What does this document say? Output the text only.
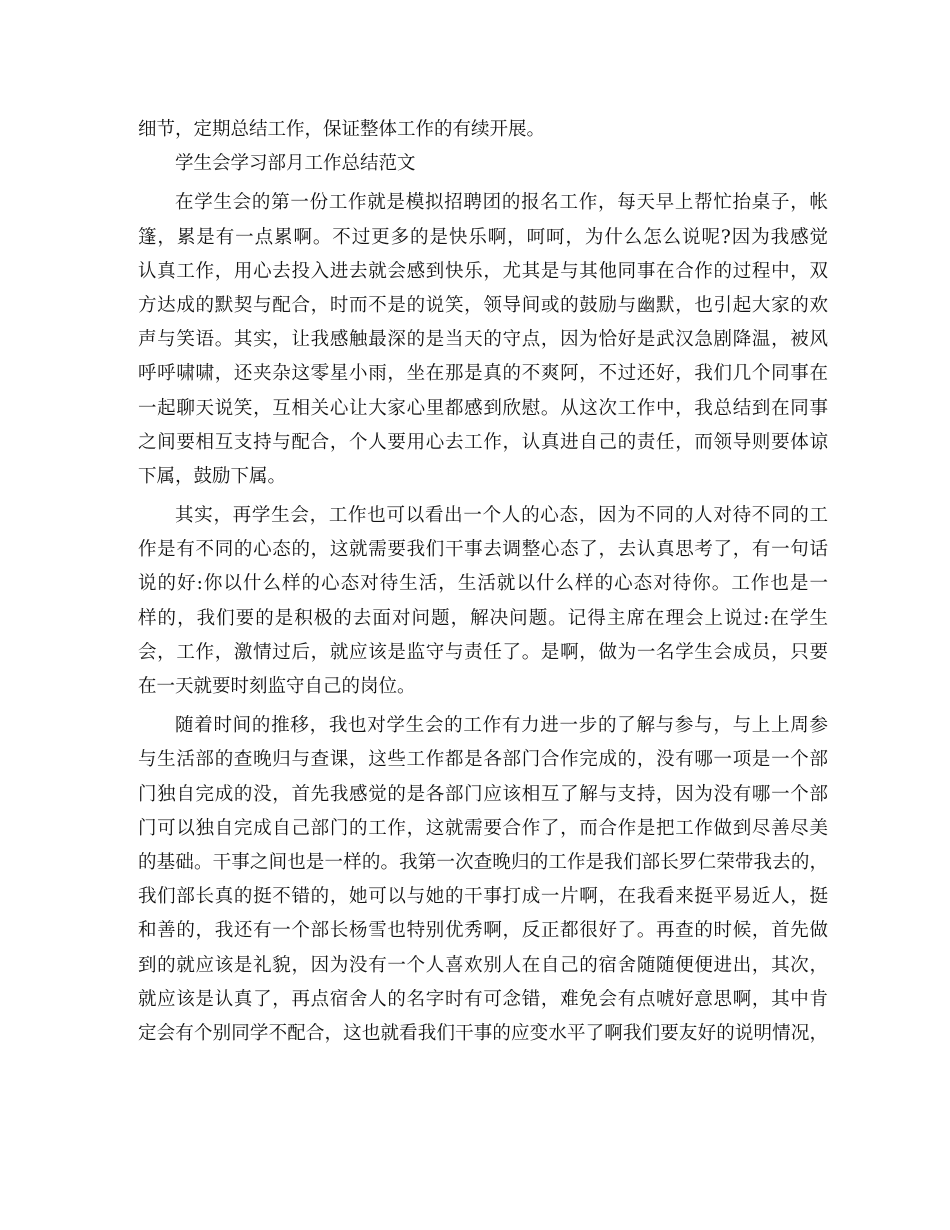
细节，定期总结工作，保证整体工作的有续开展。
学生会学习部月工作总结范文
在学生会的第一份工作就是模拟招聘团的报名工作，每天早上帮忙抬桌子，帐
篷，累是有一点累啊。不过更多的是快乐啊，呵呵，为什么怎么说呢?因为我感觉
认真工作，用心去投入进去就会感到快乐，尤其是与其他同事在合作的过程中，双
方达成的默契与配合，时而不是的说笑，领导间或的鼓励与幽默，也引起大家的欢
声与笑语。其实，让我感触最深的是当天的守点，因为恰好是武汉急剧降温，被风
呼呼啸啸，还夹杂这零星小雨，坐在那是真的不爽阿，不过还好，我们几个同事在
一起聊天说笑，互相关心让大家心里都感到欣慰。从这次工作中，我总结到在同事
之间要相互支持与配合，个人要用心去工作，认真进自己的责任，而领导则要体谅
下属，鼓励下属。
其实，再学生会，工作也可以看出一个人的心态，因为不同的人对待不同的工
作是有不同的心态的，这就需要我们干事去调整心态了，去认真思考了，有一句话
说的好:你以什么样的心态对待生活，生活就以什么样的心态对待你。工作也是一
样的，我们要的是积极的去面对问题，解决问题。记得主席在理会上说过:在学生
会，工作，激情过后，就应该是监守与责任了。是啊，做为一名学生会成员，只要
在一天就要时刻监守自己的岗位。
随着时间的推移，我也对学生会的工作有力进一步的了解与参与，与上上周参
与生活部的查晚归与查课，这些工作都是各部门合作完成的，没有哪一项是一个部
门独自完成的没，首先我感觉的是各部门应该相互了解与支持，因为没有哪一个部
门可以独自完成自己部门的工作，这就需要合作了，而合作是把工作做到尽善尽美
的基础。干事之间也是一样的。我第一次查晚归的工作是我们部长罗仁荣带我去的，
我们部长真的挺不错的，她可以与她的干事打成一片啊，在我看来挺平易近人，挺
和善的，我还有一个部长杨雪也特别优秀啊，反正都很好了。再查的时候，首先做
到的就应该是礼貌，因为没有一个人喜欢别人在自己的宿舍随随便便进出，其次，
就应该是认真了，再点宿舍人的名字时有可念错，难免会有点唬好意思啊，其中肯
定会有个别同学不配合，这也就看我们干事的应变水平了啊我们要友好的说明情况，
